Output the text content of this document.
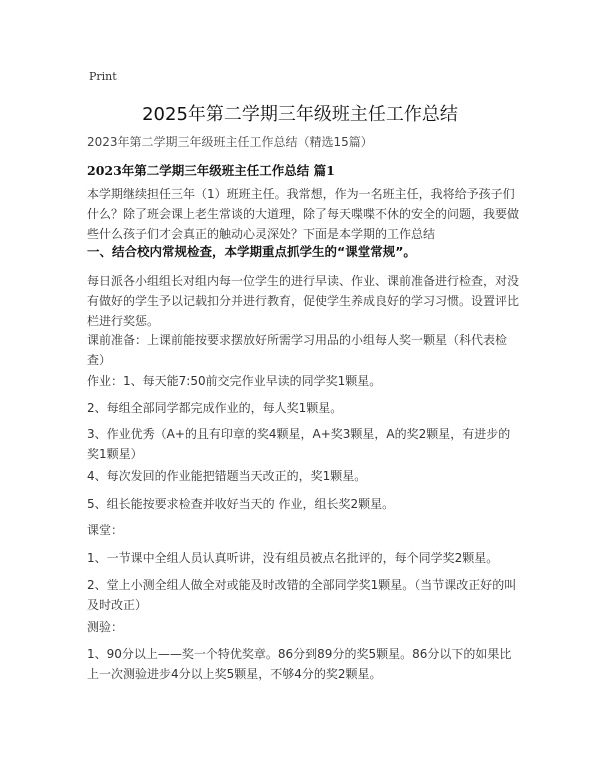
Print
2025年第二学期三年级班主任工作总结

2023年第二学期三年级班主任工作总结（精选15篇）

2023年第二学期三年级班主任工作总结 篇1

本学期继续担任三年（1）班班主任。我常想，作为一名班主任，我将给予孩子们什么？除了班会课上老生常谈的大道理，除了每天喋喋不休的安全的问题，我要做些什么孩子们才会真正的触动心灵深处？下面是本学期的工作总结

一、结合校内常规检查，本学期重点抓学生的“课堂常规”。

每日派各小组组长对组内每一位学生的进行早读、作业、课前准备进行检查，对没有做好的学生予以记载扣分并进行教育，促使学生养成良好的学习习惯。设置评比栏进行奖惩。

课前准备：上课前能按要求摆放好所需学习用品的小组每人奖一颗星（科代表检查）

作业：1、每天能7:50前交完作业早读的同学奖1颗星。

2、每组全部同学都完成作业的，每人奖1颗星。

3、作业优秀（A+的且有印章的奖4颗星，A+奖3颗星，A的奖2颗星，有进步的奖1颗星）

4、每次发回的作业能把错题当天改正的，奖1颗星。

5、组长能按要求检查并收好当天的 作业，组长奖2颗星。

课堂：

1、一节课中全组人员认真听讲，没有组员被点名批评的，每个同学奖2颗星。

2、堂上小测全组人做全对或能及时改错的全部同学奖1颗星。（当节课改正好的叫及时改正）

测验：

1、90分以上——奖一个特优奖章。86分到89分的奖5颗星。86分以下的如果比上一次测验进步4分以上奖5颗星，不够4分的奖2颗星。
